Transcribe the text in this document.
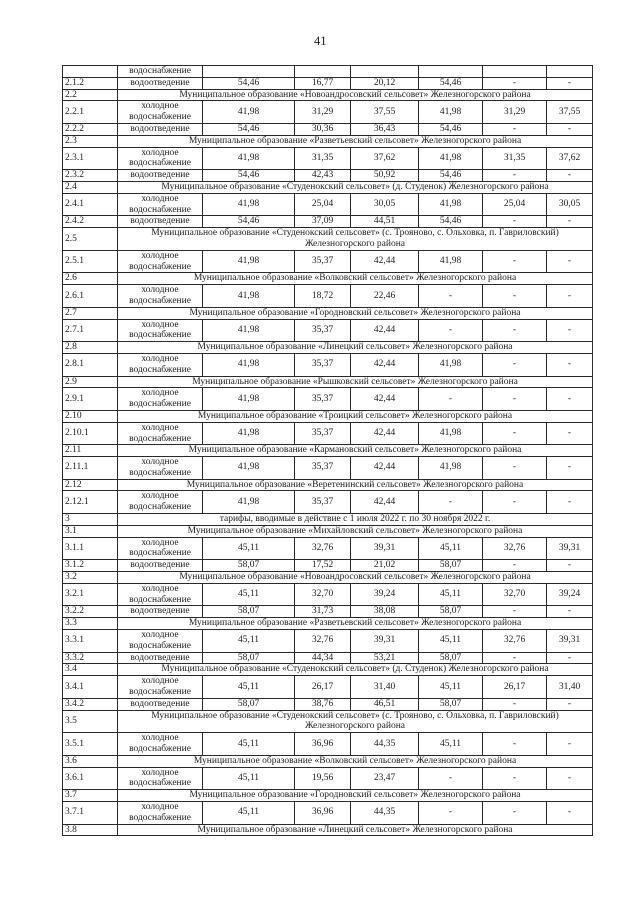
41
	водоснабжение						
2.1.2	водоотведение	54,46	16,77	20,12	54,46	-	-
2.2	Муниципальное образование «Новоандросовский сельсовет» Железногорского района						
2.2.1	холодное водоснабжение	41,98	31,29	37,55	41,98	31,29	37,55
2.2.2	водоотведение	54,46	30,36	36,43	54,46	-	-
2.3	Муниципальное образование «Разветьевский сельсовет» Железногорского района						
2.3.1	холодное водоснабжение	41,98	31,35	37,62	41,98	31,35	37,62
2.3.2	водоотведение	54,46	42,43	50,92	54,46	-	-
2.4	Муниципальное образование «Студенокский сельсовет» (д. Студенок) Железногорского района						
2.4.1	холодное водоснабжение	41,98	25,04	30,05	41,98	25,04	30,05
2.4.2	водоотведение	54,46	37,09	44,51	54,46	-	-
2.5	Муниципальное образование «Студенокский сельсовет» (с. Трояново, с. Ольховка, п. Гавриловский) Железногорского района						
2.5.1	холодное водоснабжение	41,98	35,37	42,44	41,98	-	-
2.6	Муниципальное образование «Волковский сельсовет» Железногорского района						
2.6.1	холодное водоснабжение	41,98	18,72	22,46	-	-	-
2.7	Муниципальное образование «Городновский сельсовет» Железногорского района						
2.7.1	холодное водоснабжение	41,98	35,37	42,44	-	-	-
2.8	Муниципальное образование «Линецкий сельсовет» Железногорского района						
2.8.1	холодное водоснабжение	41,98	35,37	42,44	41,98	-	-
2.9	Муниципальное образование «Рышковский сельсовет» Железногорского района						
2.9.1	холодное водоснабжение	41,98	35,37	42,44	-	-	-
2.10	Муниципальное образование «Троицкий сельсовет» Железногорского района						
2.10.1	холодное водоснабжение	41,98	35,37	42,44	41,98	-	-
2.11	Муниципальное образование «Кармановский сельсовет» Железногорского района						
2.11.1	холодное водоснабжение	41,98	35,37	42,44	41,98	-	-
2.12	Муниципальное образование «Веретенинский сельсовет» Железногорского района						
2.12.1	холодное водоснабжение	41,98	35,37	42,44	-	-	-
3	тарифы, вводимые в действие с 1 июля 2022 г. по 30 ноября 2022 г.						
3.1	Муниципальное образование «Михайловский сельсовет» Железногорского района						
3.1.1	холодное водоснабжение	45,11	32,76	39,31	45,11	32,76	39,31
3.1.2	водоотведение	58,07	17,52	21,02	58,07	-	-
3.2	Муниципальное образование «Новоандросовский сельсовет» Железногорского района						
3.2.1	холодное водоснабжение	45,11	32,70	39,24	45,11	32,70	39,24
3.2.2	водоотведение	58,07	31,73	38,08	58,07	-	-
3.3	Муниципальное образование «Разветьевский сельсовет» Железногорского района						
3.3.1	холодное водоснабжение	45,11	32,76	39,31	45,11	32,76	39,31
3.3.2	водоотведение	58,07	44,34	53,21	58,07	-	-
3.4	Муниципальное образование «Студенокский сельсовет» (д. Студенок) Железногорского района						
3.4.1	холодное водоснабжение	45,11	26,17	31,40	45,11	26,17	31,40
3.4.2	водоотведение	58,07	38,76	46,51	58,07	-	-
3.5	Муниципальное образование «Студенокский сельсовет» (с. Трояново, с. Ольховка, п. Гавриловский) Железногорского района						
3.5.1	холодное водоснабжение	45,11	36,96	44,35	45,11	-	-
3.6	Муниципальное образование «Волковский сельсовет» Железногорского района						
3.6.1	холодное водоснабжение	45,11	19,56	23,47	-	-	-
3.7	Муниципальное образование «Городновский сельсовет» Железногорского района						
3.7.1	холодное водоснабжение	45,11	36,96	44,35	-	-	-
3.8	Муниципальное образование «Линецкий сельсовет» Железногорского района						
